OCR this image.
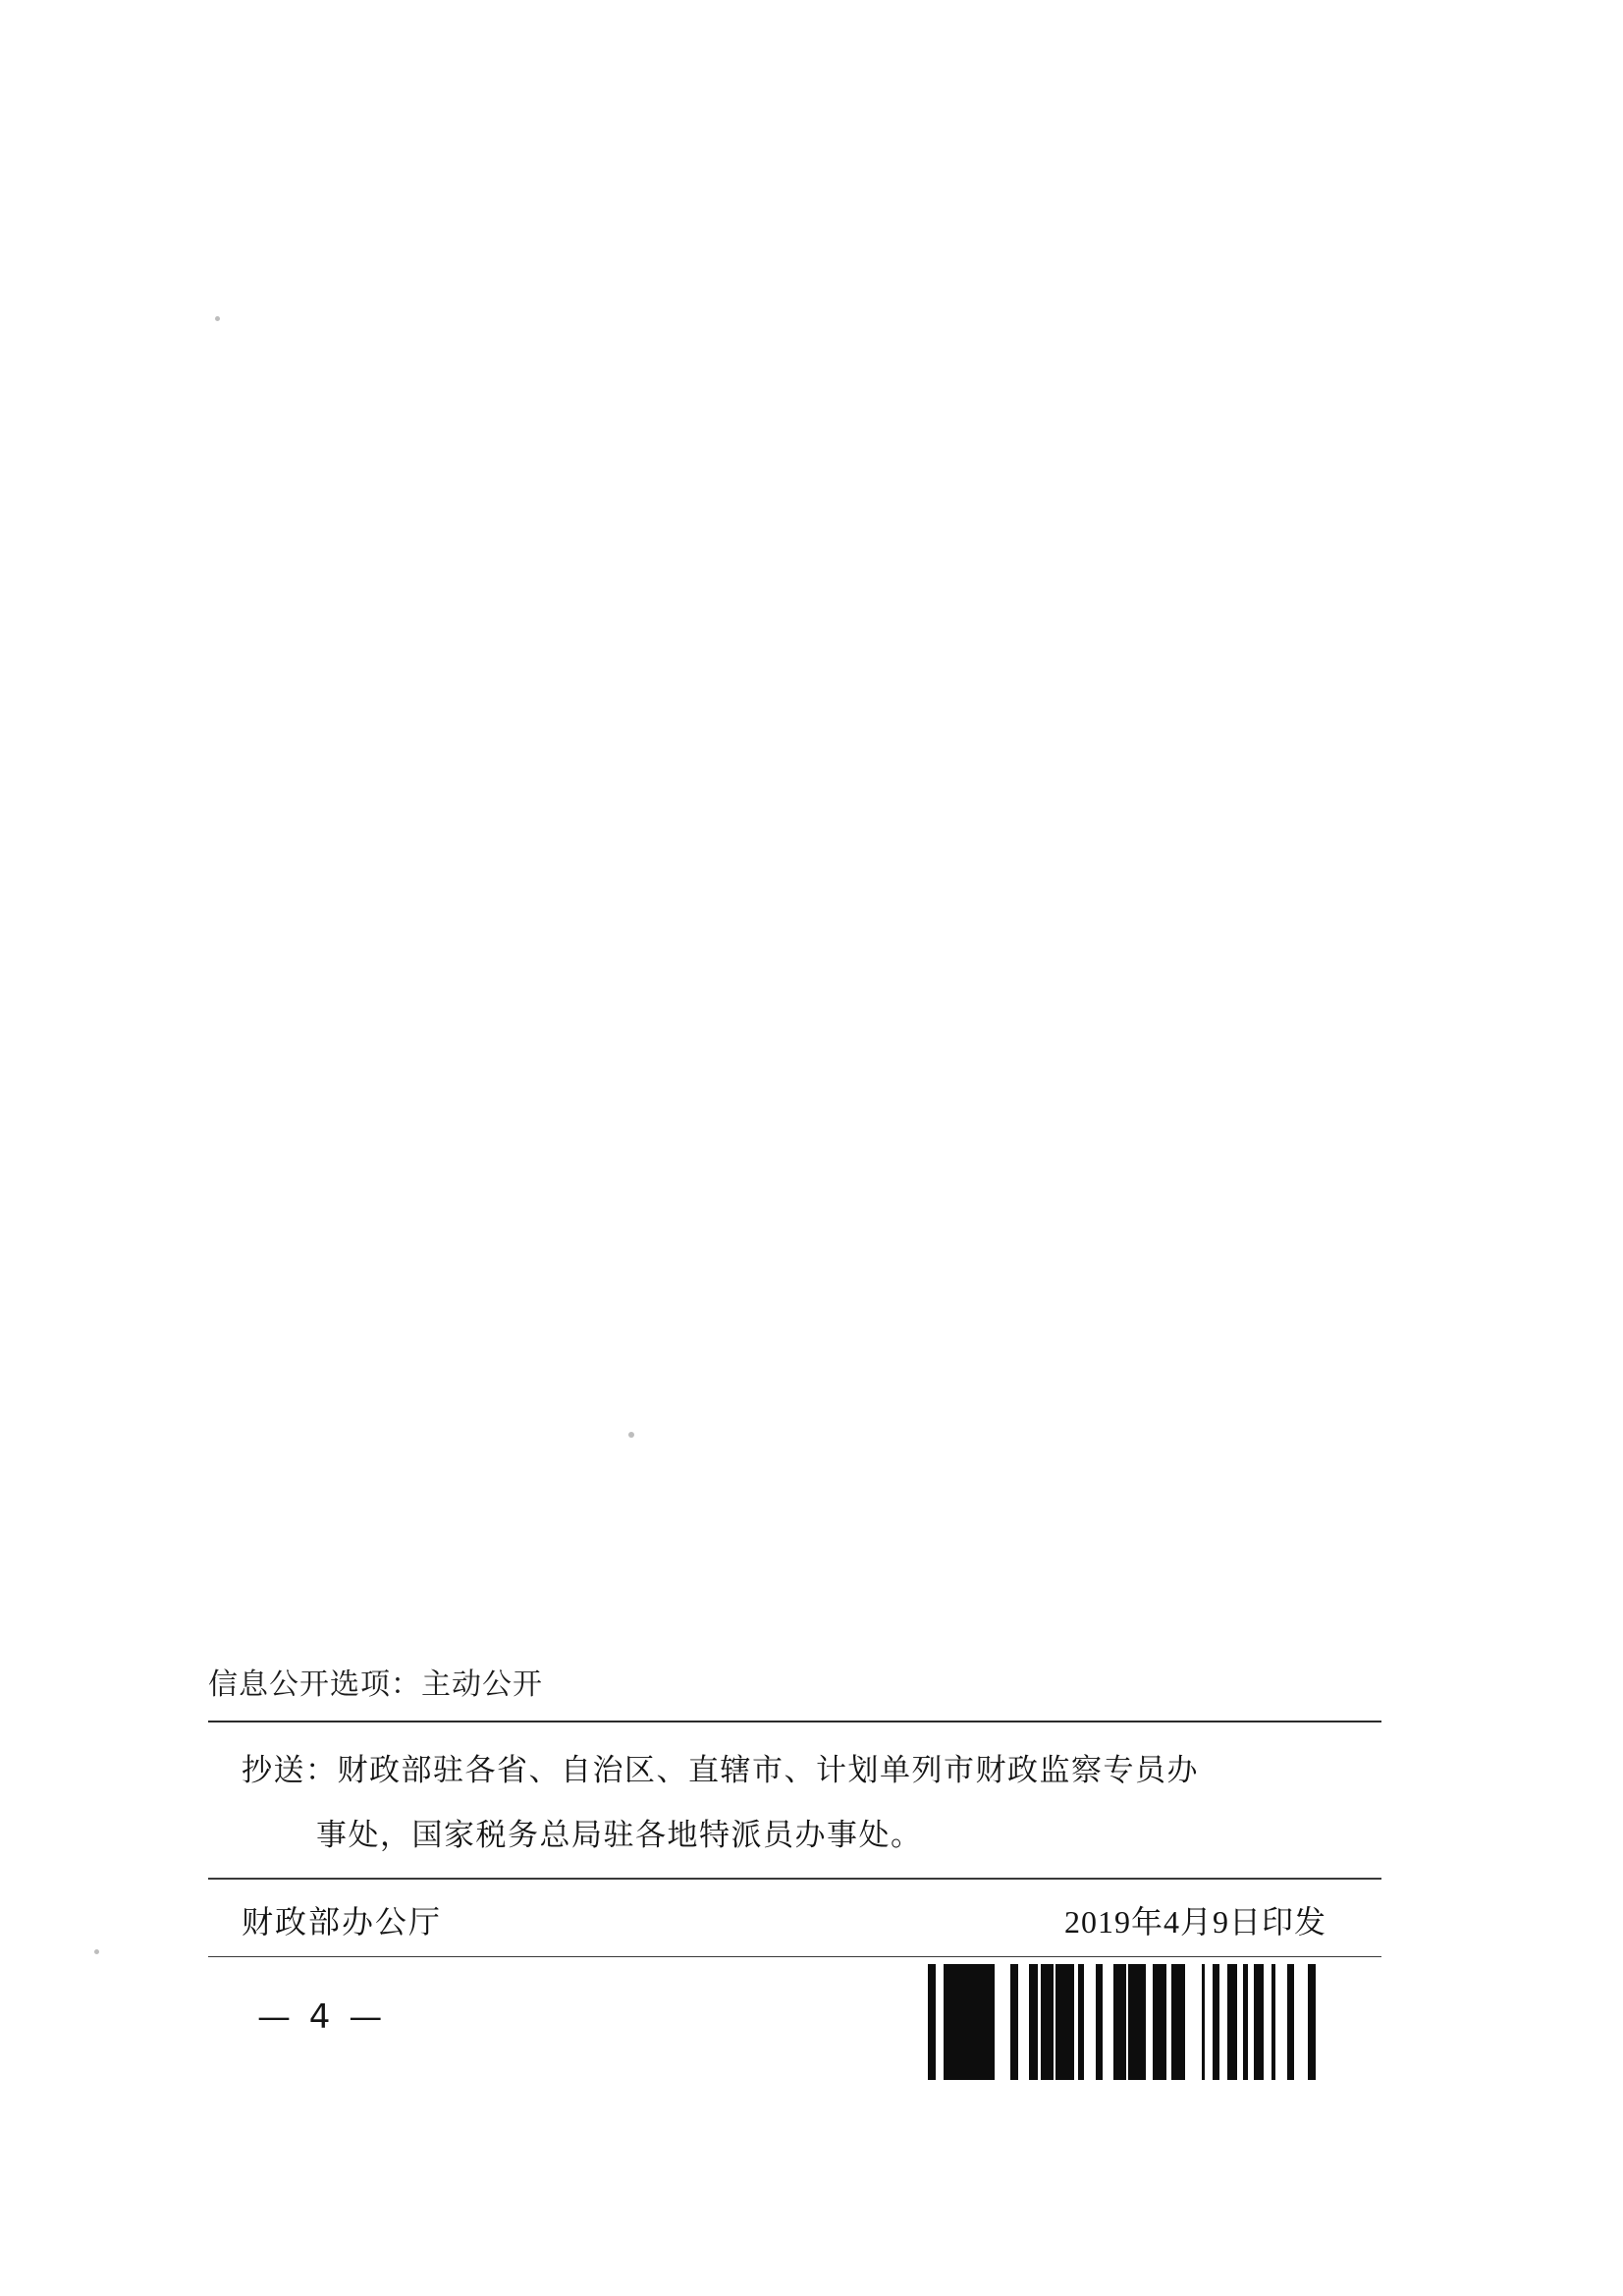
信息公开选项：主动公开
抄送：财政部驻各省、自治区、直辖市、计划单列市财政监察专员办
事处，国家税务总局驻各地特派员办事处。
财政部办公厅	2019年4月9日印发
— 4 —
